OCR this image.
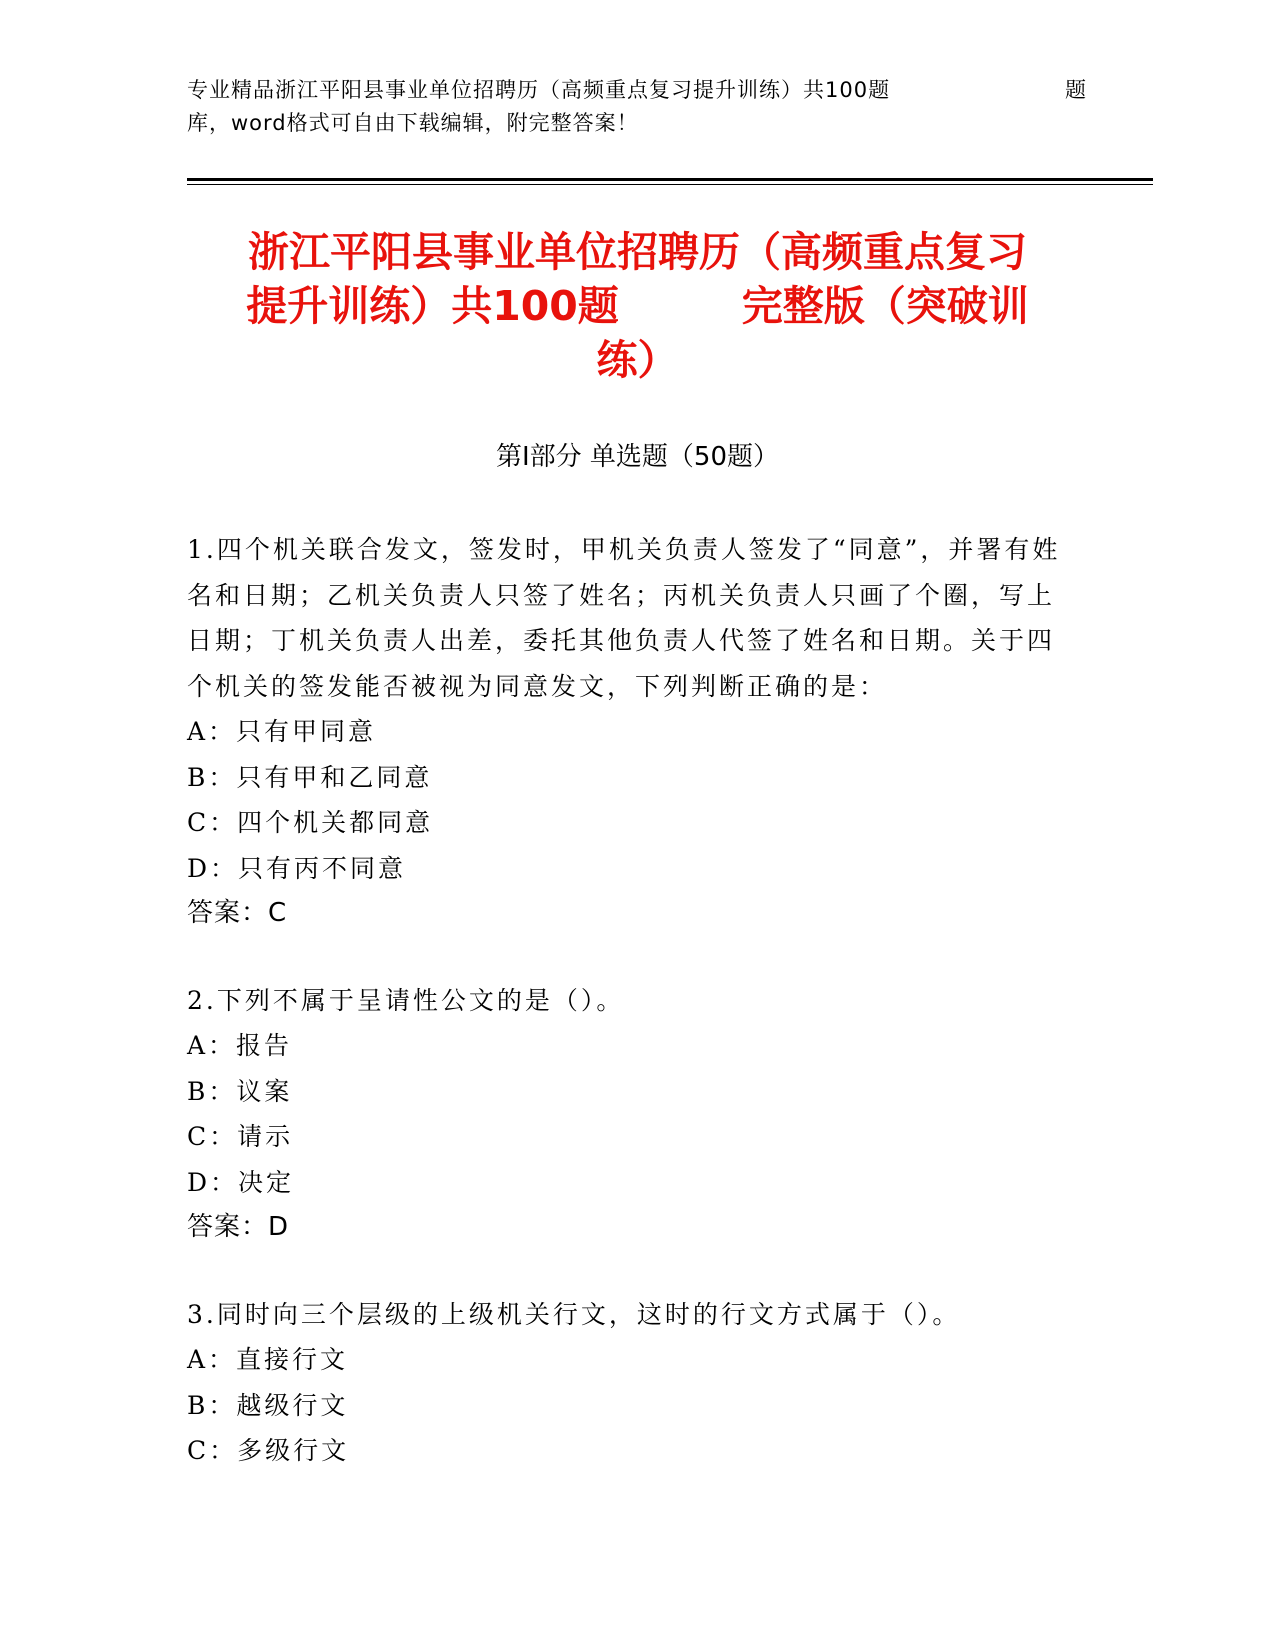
专业精品浙江平阳县事业单位招聘历（高频重点复习提升训练）共100题	题
库，word格式可自由下载编辑，附完整答案！
浙江平阳县事业单位招聘历（高频重点复习
提升训练）共100题　　　完整版（突破训
练）
第Ⅰ部分 单选题（50题）
1.四个机关联合发文，签发时，甲机关负责人签发了“同意”，并署有姓名和日期；乙机关负责人只签了姓名；丙机关负责人只画了个圈，写上日期；丁机关负责人出差，委托其他负责人代签了姓名和日期。关于四个机关的签发能否被视为同意发文，下列判断正确的是：
A：只有甲同意
B：只有甲和乙同意
C：四个机关都同意
D：只有丙不同意
答案：C
2.下列不属于呈请性公文的是（）。
A：报告
B：议案
C：请示
D：决定
答案：D
3.同时向三个层级的上级机关行文，这时的行文方式属于（）。
A：直接行文
B：越级行文
C：多级行文
